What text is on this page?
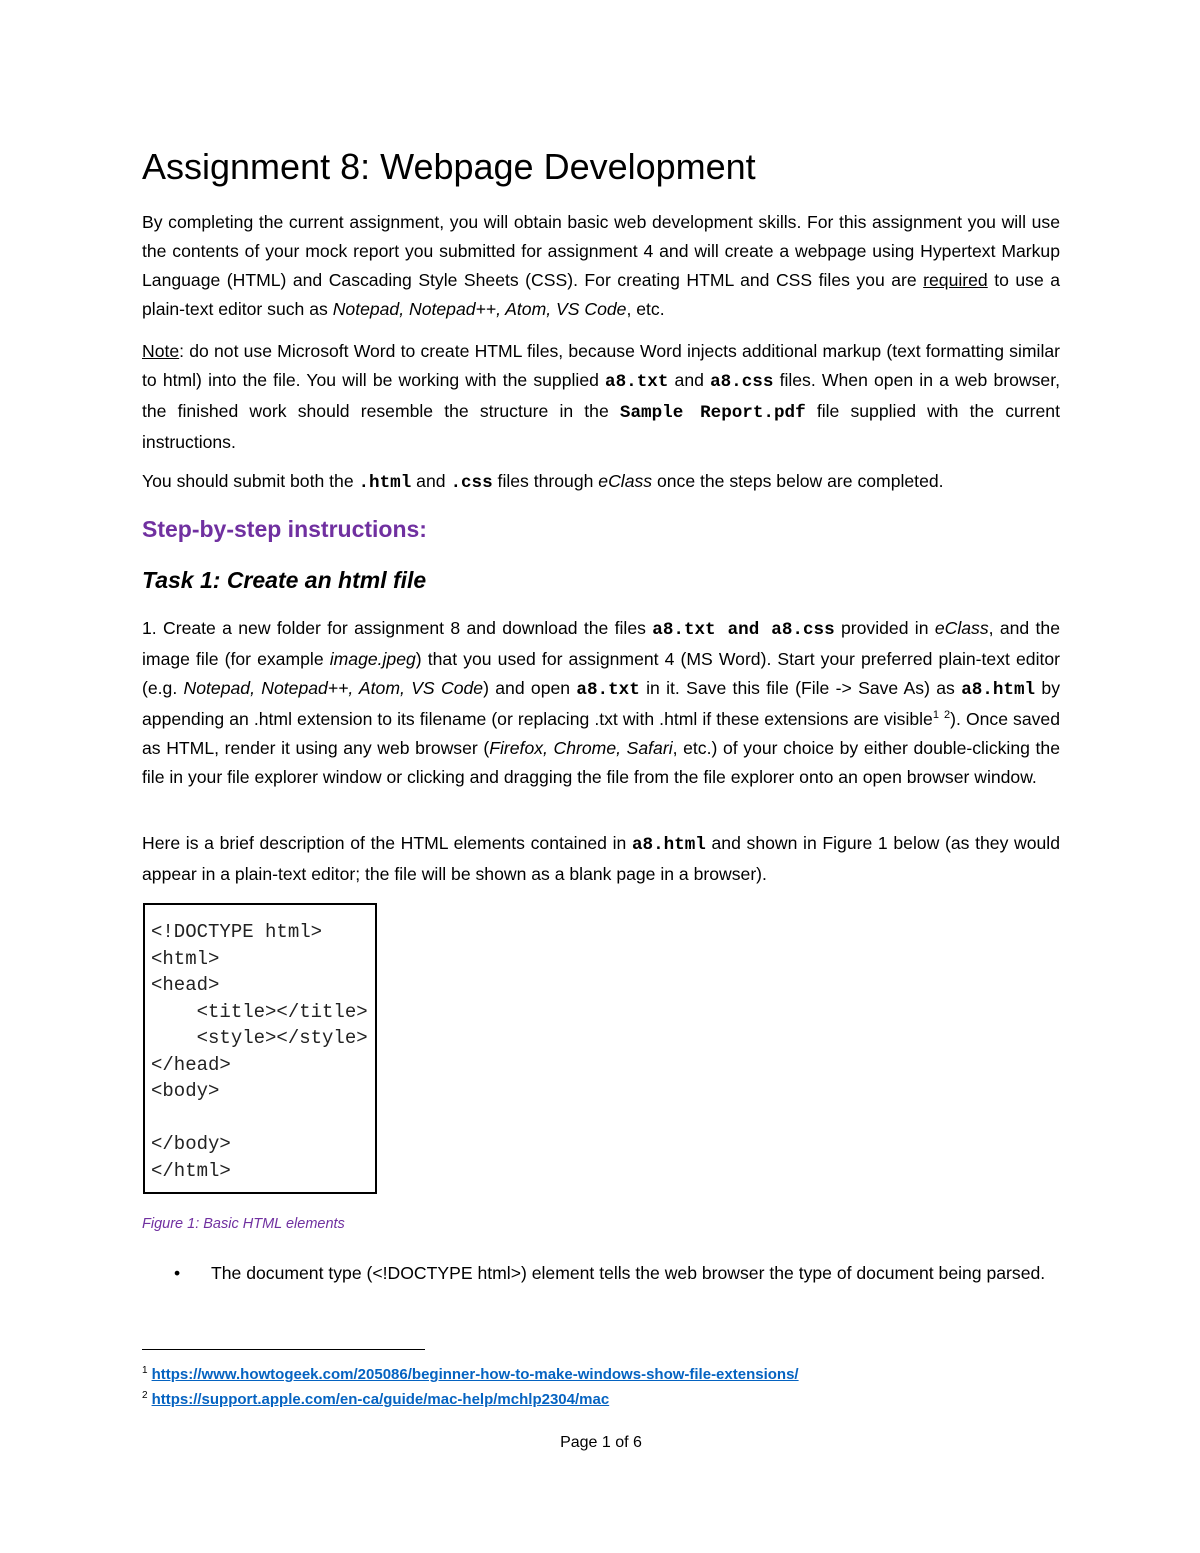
Assignment 8: Webpage Development

By completing the current assignment, you will obtain basic web development skills. For this assignment you will use the contents of your mock report you submitted for assignment 4 and will create a webpage using Hypertext Markup Language (HTML) and Cascading Style Sheets (CSS). For creating HTML and CSS files you are required to use a plain-text editor such as Notepad, Notepad++, Atom, VS Code, etc.

Note: do not use Microsoft Word to create HTML files, because Word injects additional markup (text formatting similar to html) into the file. You will be working with the supplied a8.txt and a8.css files. When open in a web browser, the finished work should resemble the structure in the Sample Report.pdf file supplied with the current instructions.

You should submit both the .html and .css files through eClass once the steps below are completed.

Step-by-step instructions:
Task 1: Create an html file

1. Create a new folder for assignment 8 and download the files a8.txt and a8.css provided in eClass, and the image file (for example image.jpeg) that you used for assignment 4 (MS Word). Start your preferred plain-text editor (e.g. Notepad, Notepad++, Atom, VS Code) and open a8.txt in it. Save this file (File -> Save As) as a8.html by appending an .html extension to its filename (or replacing .txt with .html if these extensions are visible$^1$ $^2$). Once saved as HTML, render it using any web browser (Firefox, Chrome, Safari, etc.) of your choice by either double-clicking the file in your file explorer window or clicking and dragging the file from the file explorer onto an open browser window.

Here is a brief description of the HTML elements contained in a8.html and shown in Figure 1 below (as they would appear in a plain-text editor; the file will be shown as a blank page in a browser).

<!DOCTYPE html>
<html>
<head>
<title></title>
<style></style>
</head>
<body>
</body>
</html>
Figure 1: Basic HTML elements
• The document type (<!DOCTYPE html>) element tells the web browser the type of document being parsed.
$^1$ https://www.howtogeek.com/205086/beginner-how-to-make-windows-show-file-extensions/
$^2$ https://support.apple.com/en-ca/guide/mac-help/mchlp2304/mac
Page 1 of 6
